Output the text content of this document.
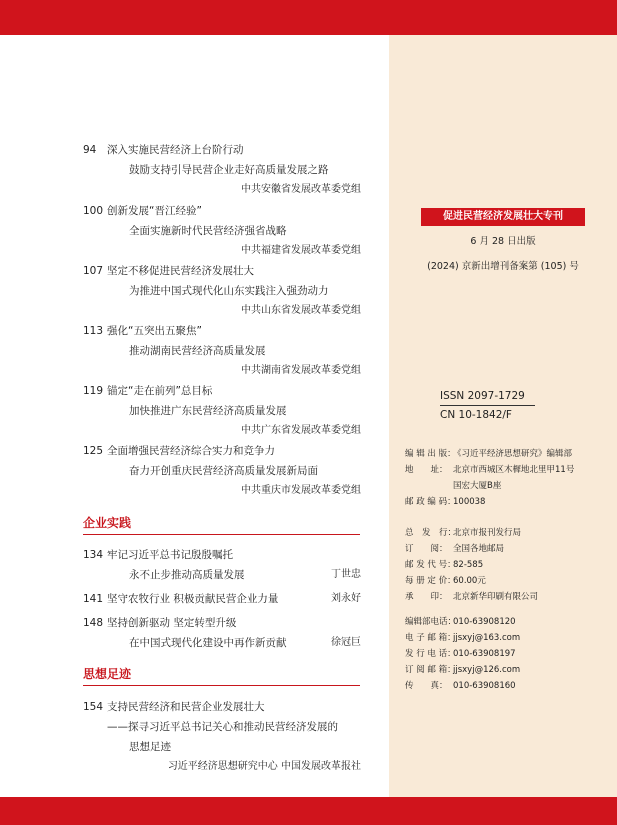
94 深入实施民营经济上台阶行动
鼓励支持引导民营企业走好高质量发展之路
中共安徽省发展改革委党组
100 创新发展“晋江经验”
全面实施新时代民营经济强省战略
中共福建省发展改革委党组
107 坚定不移促进民营经济发展壮大
为推进中国式现代化山东实践注入强劲动力
中共山东省发展改革委党组
113 强化“五突出五聚焦”
推动湖南民营经济高质量发展
中共湖南省发展改革委党组
119 锚定“走在前列”总目标
加快推进广东民营经济高质量发展
中共广东省发展改革委党组
125 全面增强民营经济综合实力和竞争力
奋力开创重庆民营经济高质量发展新局面
中共重庆市发展改革委党组
企业实践
134 牢记习近平总书记殷殷嘱托
永不止步推动高质量发展	丁世忠
141 坚守农牧行业 积极贡献民营企业力量	刘永好
148 坚持创新驱动 坚定转型升级
在中国式现代化建设中再作新贡献	徐冠巨
思想足迹
154 支持民营经济和民营企业发展壮大
——探寻习近平总书记关心和推动民营经济发展的
思想足迹
习近平经济思想研究中心 中国发展改革报社
促进民营经济发展壮大专刊
6 月 28 日出版
(2024) 京新出增刊备案第 (105) 号
ISSN 2097-1729
CN 10-1842/F
编 辑 出 版：《习近平经济思想研究》编辑部
地　　址： 北京市西城区木樨地北里甲11号
国宏大厦B座
邮 政 编 码：100038
总　发　行：北京市报刊发行局
订　　阅： 全国各地邮局
邮 发 代 号：82-585
每 册 定 价：60.00元
承　　印： 北京新华印刷有限公司
编辑部电话：010-63908120
电 子 邮 箱：jjsxyj@163.com
发 行 电 话：010-63908197
订 阅 邮 箱：jjsxyj@126.com
传　　真： 010-63908160
